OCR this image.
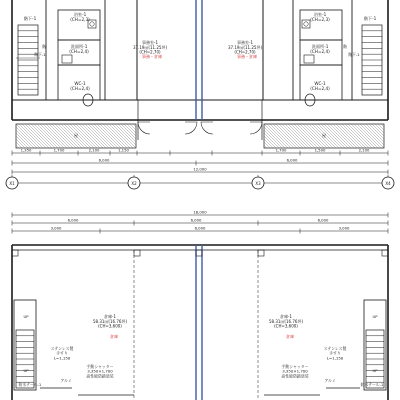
階下-1
浴室-1 (CH=2,3)
洗面所-1 (CH=2,4)
WC-1 (CH=2,4)
階
階下-1
階下-1
浴室-1 (CH=2,3)
洗面所-1 (CH=2,4)
WC-1 (CH=2,4)
階
階下-1
事務室-1 37.19㎡(11.25坪) (CH=2,70)
事務・倉庫
事務室-1 37.19㎡(11.25坪) (CH=2,70)
事務・倉庫
屋	屋
1,350	1,700	2,100	1,150	1,700	1,500	2,100
6,000	6,000
12,000
X1	X2	X3	X4
18,000
6,000	6,000	6,000
3,000	6,000	3,000
倉庫-1 58.31㎡(16.76坪) (CH=3,600)
倉庫
倉庫-1 58.31㎡(16.76坪) (CH=3,600)
倉庫
UP
UP
ステンレス製手すり L=1,150
手動シャッター 3,350×1,700 高性能防錆塗装
アルミ
防水テール-1
UP
UP
ステンレス製手すり L=1,150
手動シャッター 3,350×1,700 高性能防錆塗装
アルミ
防水テール-1
